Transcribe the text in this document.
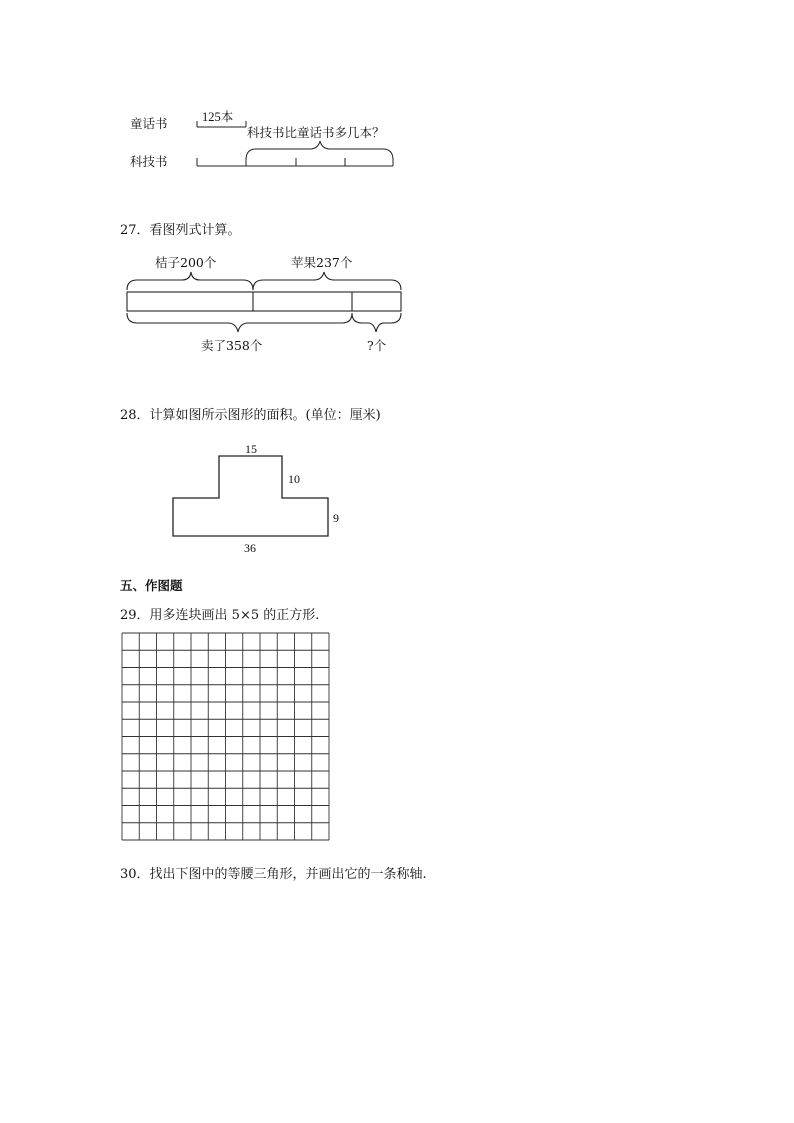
童话书
科技书
125本
科技书比童话书多几本？
27．看图列式计算。
桔子200个	苹果237个
卖了358个	?个
28．计算如图所示图形的面积。(单位：厘米)
15
10
9
36
五、作图题
29．用多连块画出 5×5 的正方形.
30．找出下图中的等腰三角形，并画出它的一条称轴.
